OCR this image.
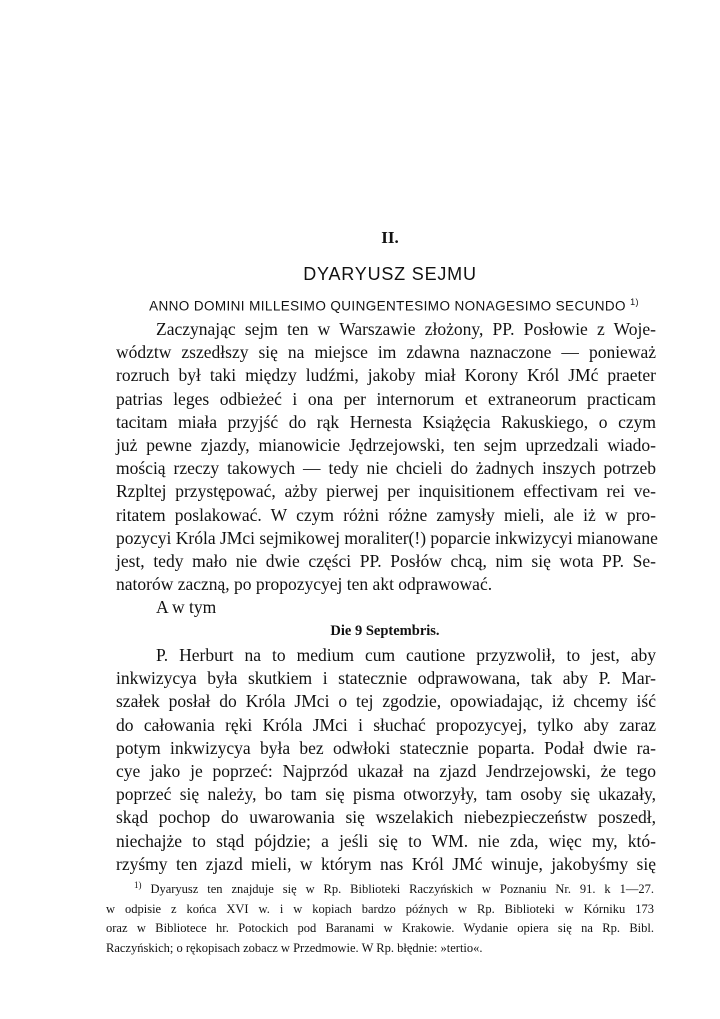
II.
DYARYUSZ SEJMU
ANNO DOMINI MILLESIMO QUINGENTESIMO NONAGESIMO SECUNDO $^{1)}$
Zaczynając sejm ten w Warszawie złożony, PP. Posłowie z Woje-
wództw zszedłszy się na miejsce im zdawna naznaczone — ponieważ
rozruch był taki między ludźmi, jakoby miał Korony Król JMć praeter
patrias leges odbieżeć i ona per internorum et extraneorum practicam
tacitam miała przyjść do rąk Hernesta Książęcia Rakuskiego, o czym
już pewne zjazdy, mianowicie Jędrzejowski, ten sejm uprzedzali wiado-
mością rzeczy takowych — tedy nie chcieli do żadnych inszych potrzeb
Rzpltej przystępować, ażby pierwej per inquisitionem effectivam rei ve-
ritatem poslakować. W czym różni różne zamysły mieli, ale iż w pro-
pozycyi Króla JMci sejmikowej moraliter(!) poparcie inkwizycyi mianowane
jest, tedy mało nie dwie części PP. Posłów chcą, nim się wota PP. Se-
natorów zaczną, po propozycyej ten akt odprawować.
A w tym
Die 9 Septembris.
P. Herburt na to medium cum cautione przyzwolił, to jest, aby
inkwizycya była skutkiem i statecznie odprawowana, tak aby P. Mar-
szałek posłał do Króla JMci o tej zgodzie, opowiadając, iż chcemy iść
do całowania ręki Króla JMci i słuchać propozycyej, tylko aby zaraz
potym inkwizycya była bez odwłoki statecznie poparta. Podał dwie ra-
cye jako je poprzeć: Najprzód ukazał na zjazd Jendrzejowski, że tego
poprzeć się należy, bo tam się pisma otworzyły, tam osoby się ukazały,
skąd pochop do uwarowania się wszelakich niebezpieczeństw poszedł,
niechajże to stąd pójdzie; a jeśli się to WM. nie zda, więc my, któ-
rzyśmy ten zjazd mieli, w którym nas Król JMć winuje, jakobyśmy się
$^{1)}$ Dyaryusz ten znajduje się w Rp. Biblioteki Raczyńskich w Poznaniu Nr. 91. k 1—27.
w odpisie z końca XVI w. i w kopiach bardzo późnych w Rp. Biblioteki w Kórniku 173
oraz w Bibliotece hr. Potockich pod Baranami w Krakowie. Wydanie opiera się na Rp. Bibl.
Raczyńskich; o rękopisach zobacz w Przedmowie. W Rp. błędnie: »tertio«.
